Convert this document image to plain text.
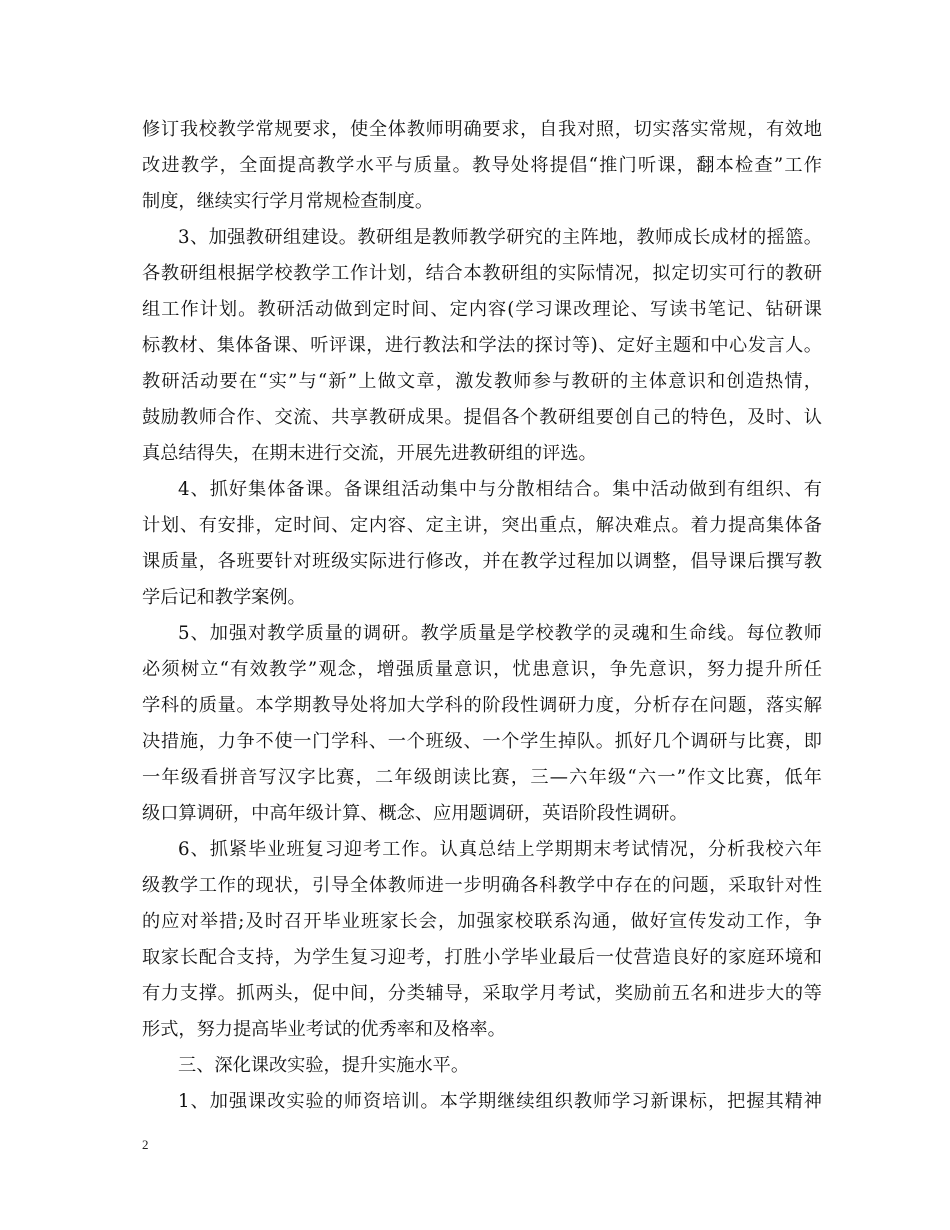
修订我校教学常规要求，使全体教师明确要求，自我对照，切实落实常规，有效地
改进教学，全面提高教学水平与质量。教导处将提倡“推门听课，翻本检查”工作
制度，继续实行学月常规检查制度。
3、加强教研组建设。教研组是教师教学研究的主阵地，教师成长成材的摇篮。
各教研组根据学校教学工作计划，结合本教研组的实际情况，拟定切实可行的教研
组工作计划。教研活动做到定时间、定内容(学习课改理论、写读书笔记、钻研课
标教材、集体备课、听评课，进行教法和学法的探讨等)、定好主题和中心发言人。
教研活动要在“实”与“新”上做文章，激发教师参与教研的主体意识和创造热情，
鼓励教师合作、交流、共享教研成果。提倡各个教研组要创自己的特色，及时、认
真总结得失，在期末进行交流，开展先进教研组的评选。
4、抓好集体备课。备课组活动集中与分散相结合。集中活动做到有组织、有
计划、有安排，定时间、定内容、定主讲，突出重点，解决难点。着力提高集体备
课质量，各班要针对班级实际进行修改，并在教学过程加以调整，倡导课后撰写教
学后记和教学案例。
5、加强对教学质量的调研。教学质量是学校教学的灵魂和生命线。每位教师
必须树立“有效教学”观念，增强质量意识，忧患意识，争先意识，努力提升所任
学科的质量。本学期教导处将加大学科的阶段性调研力度，分析存在问题，落实解
决措施，力争不使一门学科、一个班级、一个学生掉队。抓好几个调研与比赛，即
一年级看拼音写汉字比赛，二年级朗读比赛，三—六年级“六一”作文比赛，低年
级口算调研，中高年级计算、概念、应用题调研，英语阶段性调研。
6、抓紧毕业班复习迎考工作。认真总结上学期期末考试情况，分析我校六年
级教学工作的现状，引导全体教师进一步明确各科教学中存在的问题，采取针对性
的应对举措;及时召开毕业班家长会，加强家校联系沟通，做好宣传发动工作，争
取家长配合支持，为学生复习迎考，打胜小学毕业最后一仗营造良好的家庭环境和
有力支撑。抓两头，促中间，分类辅导，采取学月考试，奖励前五名和进步大的等
形式，努力提高毕业考试的优秀率和及格率。
三、深化课改实验，提升实施水平。
1、加强课改实验的师资培训。本学期继续组织教师学习新课标，把握其精神
2
